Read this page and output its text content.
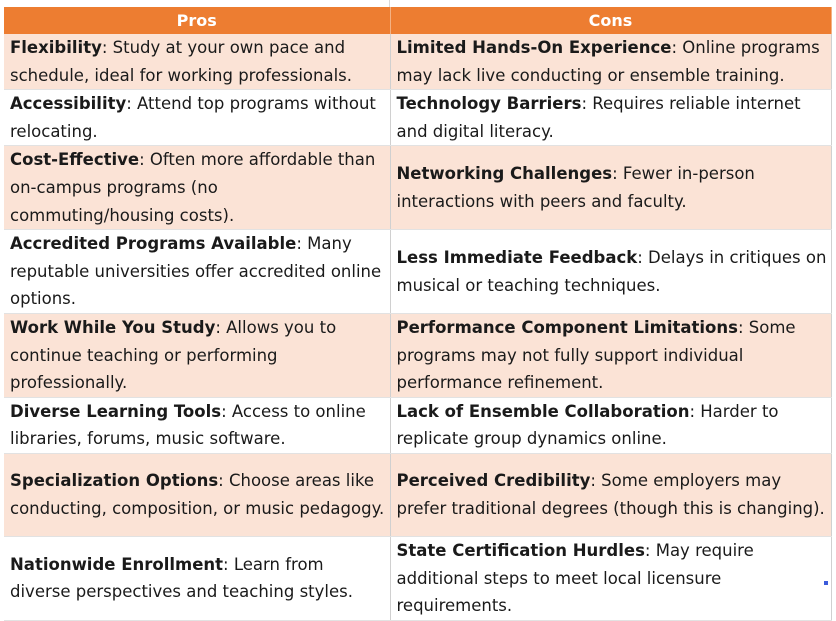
Pros	Cons
Flexibility: Study at your own pace and schedule, ideal for working professionals.	Limited Hands-On Experience: Online programs may lack live conducting or ensemble training.
Accessibility: Attend top programs without relocating.	Technology Barriers: Requires reliable internet and digital literacy.
Cost-Effective: Often more affordable than on-campus programs (no commuting/housing costs).	Networking Challenges: Fewer in-person interactions with peers and faculty.
Accredited Programs Available: Many reputable universities offer accredited online options.	Less Immediate Feedback: Delays in critiques on musical or teaching techniques.
Work While You Study: Allows you to continue teaching or performing professionally.	Performance Component Limitations: Some programs may not fully support individual performance refinement.
Diverse Learning Tools: Access to online libraries, forums, music software.	Lack of Ensemble Collaboration: Harder to replicate group dynamics online.
Specialization Options: Choose areas like conducting, composition, or music pedagogy.	Perceived Credibility: Some employers may prefer traditional degrees (though this is changing).
Nationwide Enrollment: Learn from diverse perspectives and teaching styles.	State Certification Hurdles: May require additional steps to meet local licensure requirements.
